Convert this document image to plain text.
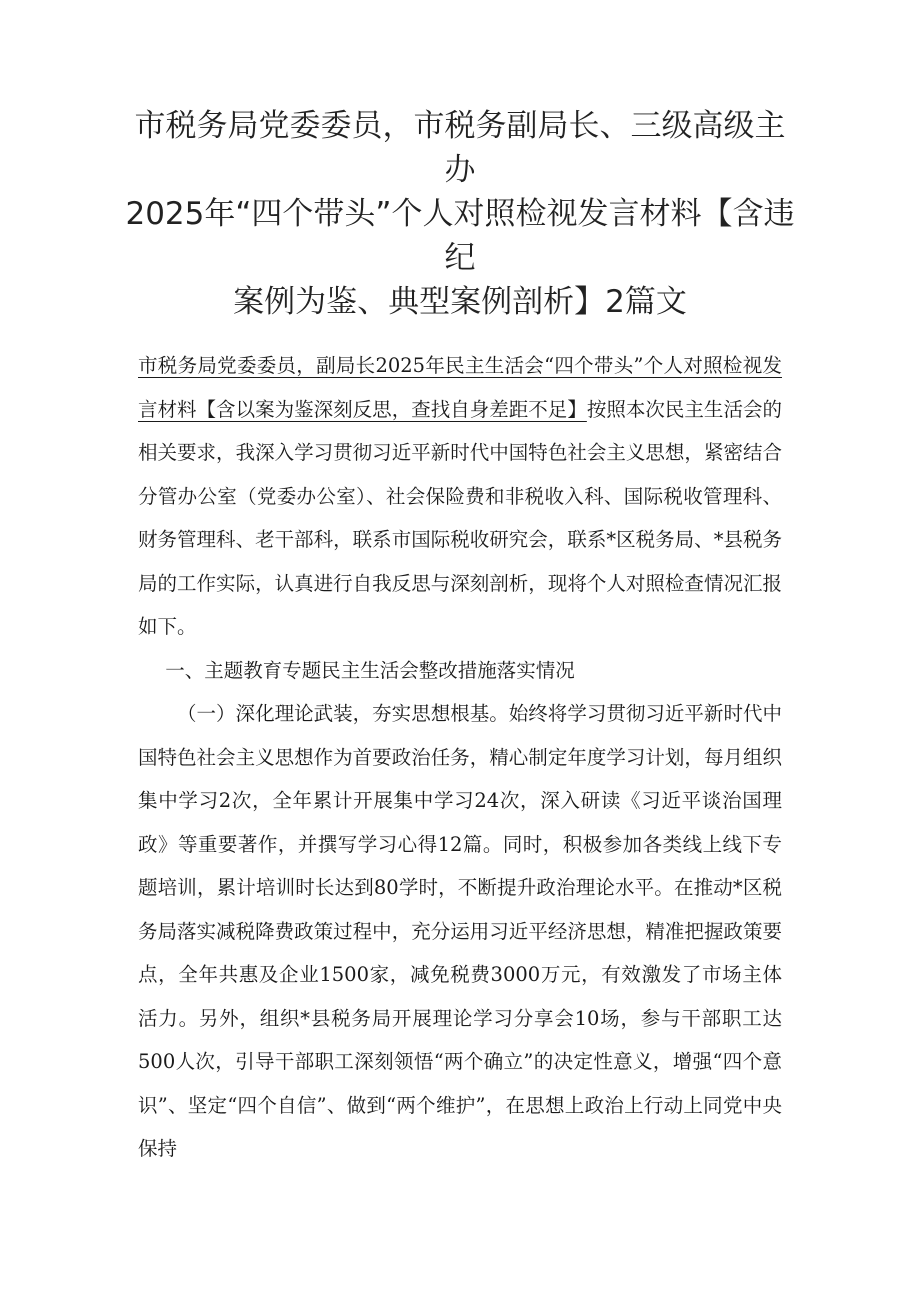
市税务局党委委员，市税务副局长、三级高级主办
2025年“四个带头”个人对照检视发言材料【含违纪
案例为鉴、典型案例剖析】2篇文

市税务局党委委员，副局长2025年民主生活会“四个带头”个人对照检视发言材料【含以案为鉴深刻反思，查找自身差距不足】按照本次民主生活会的相关要求，我深入学习贯彻习近平新时代中国特色社会主义思想，紧密结合分管办公室（党委办公室）、社会保险费和非税收入科、国际税收管理科、财务管理科、老干部科，联系市国际税收研究会，联系*区税务局、*县税务局的工作实际，认真进行自我反思与深刻剖析，现将个人对照检查情况汇报如下。

一、主题教育专题民主生活会整改措施落实情况

（一）深化理论武装，夯实思想根基。始终将学习贯彻习近平新时代中国特色社会主义思想作为首要政治任务，精心制定年度学习计划，每月组织集中学习2次，全年累计开展集中学习24次，深入研读《习近平谈治国理政》等重要著作，并撰写学习心得12篇。同时，积极参加各类线上线下专题培训，累计培训时长达到80学时，不断提升政治理论水平。在推动*区税务局落实减税降费政策过程中，充分运用习近平经济思想，精准把握政策要点，全年共惠及企业1500家，减免税费3000万元，有效激发了市场主体活力。另外，组织*县税务局开展理论学习分享会10场，参与干部职工达500人次，引导干部职工深刻领悟“两个确立”的决定性意义，增强“四个意识”、坚定“四个自信”、做到“两个维护”，在思想上政治上行动上同党中央保持
